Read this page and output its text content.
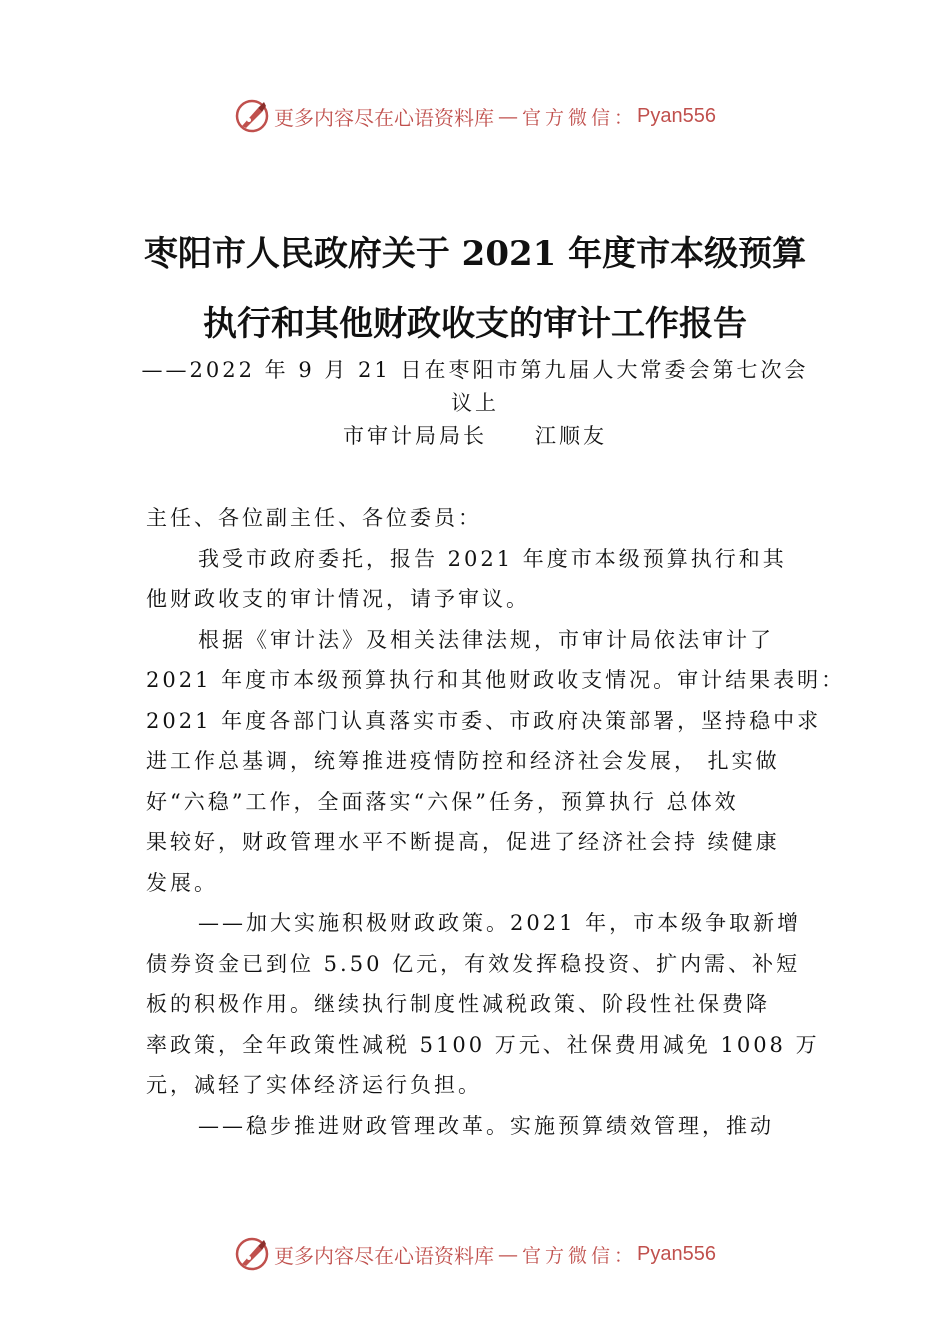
更多内容尽在心语资料库 — 官方微信： Pyan556
枣阳市人民政府关于 2021 年度市本级预算
执行和其他财政收支的审计工作报告
——2022 年 9 月 21 日在枣阳市第九届人大常委会第七次会
议上
市审计局局长　　江顺友

主任、各位副主任、各位委员：

我受市政府委托，报告 2021 年度市本级预算执行和其

他财政收支的审计情况，请予审议。

根据《审计法》及相关法律法规，市审计局依法审计了

2021 年度市本级预算执行和其他财政收支情况。审计结果表明：

2021 年度各部门认真落实市委、市政府决策部署，坚持稳中求

进工作总基调，统筹推进疫情防控和经济社会发展， 扎实做

好“六稳”工作，全面落实“六保”任务，预算执行 总体效

果较好，财政管理水平不断提高，促进了经济社会持 续健康

发展。

——加大实施积极财政政策。2021 年，市本级争取新增

债券资金已到位 5.50 亿元，有效发挥稳投资、扩内需、补短

板的积极作用。继续执行制度性减税政策、阶段性社保费降

率政策，全年政策性减税 5100 万元、社保费用减免 1008 万

元，减轻了实体经济运行负担。

——稳步推进财政管理改革。实施预算绩效管理，推动

更多内容尽在心语资料库 — 官方微信： Pyan556
